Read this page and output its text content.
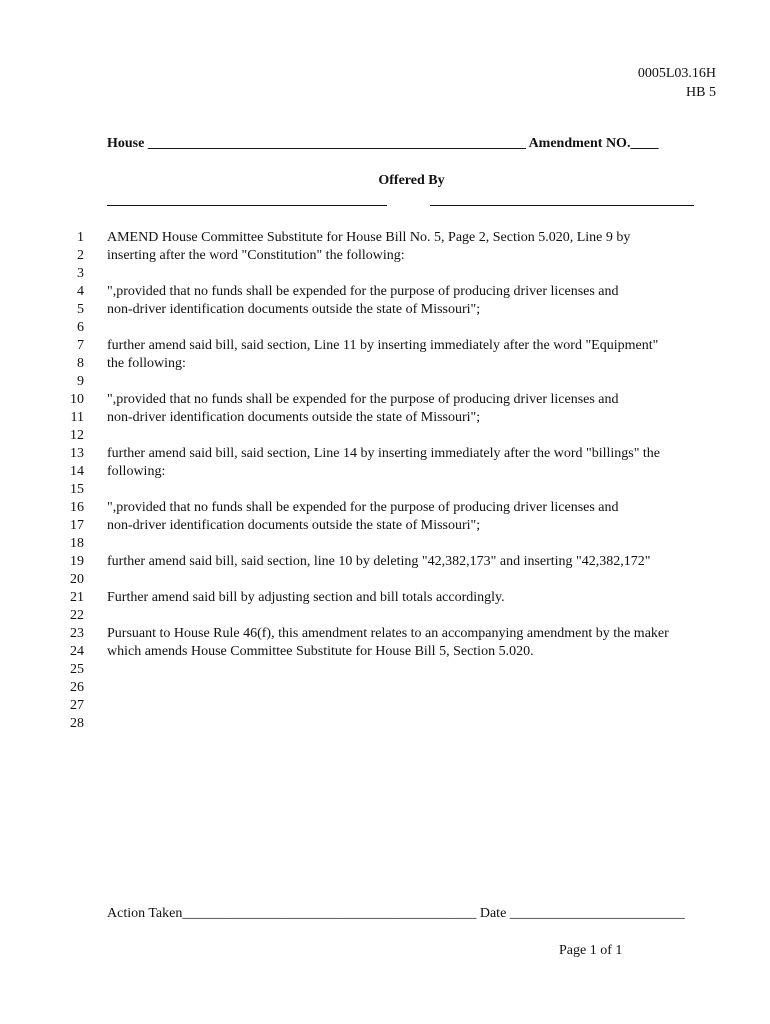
0005L03.16H
HB 5
House ______________________________________________________ Amendment NO.____
Offered By
1
2
3
4
5
6
7
8
9
10
11
12
13
14
15
16
17
18
19
20
21
22
23
24
25
26
27
28
AMEND House Committee Substitute for House Bill No. 5, Page 2, Section 5.020, Line 9 by
inserting after the word "Constitution" the following:
",provided that no funds shall be expended for the purpose of producing driver licenses and
non-driver identification documents outside the state of Missouri";
further amend said bill, said section, Line 11 by inserting immediately after the word "Equipment"
the following:
",provided that no funds shall be expended for the purpose of producing driver licenses and
non-driver identification documents outside the state of Missouri";
further amend said bill, said section, Line 14 by inserting immediately after the word "billings" the
following:
",provided that no funds shall be expended for the purpose of producing driver licenses and
non-driver identification documents outside the state of Missouri";
further amend said bill, said section, line 10 by deleting "42,382,173" and inserting "42,382,172"
Further amend said bill by adjusting section and bill totals accordingly.
Pursuant to House Rule 46(f), this amendment relates to an accompanying amendment by the maker
which amends House Committee Substitute for House Bill 5, Section 5.020.
Action Taken__________________________________________ Date _________________________
Page 1 of 1
